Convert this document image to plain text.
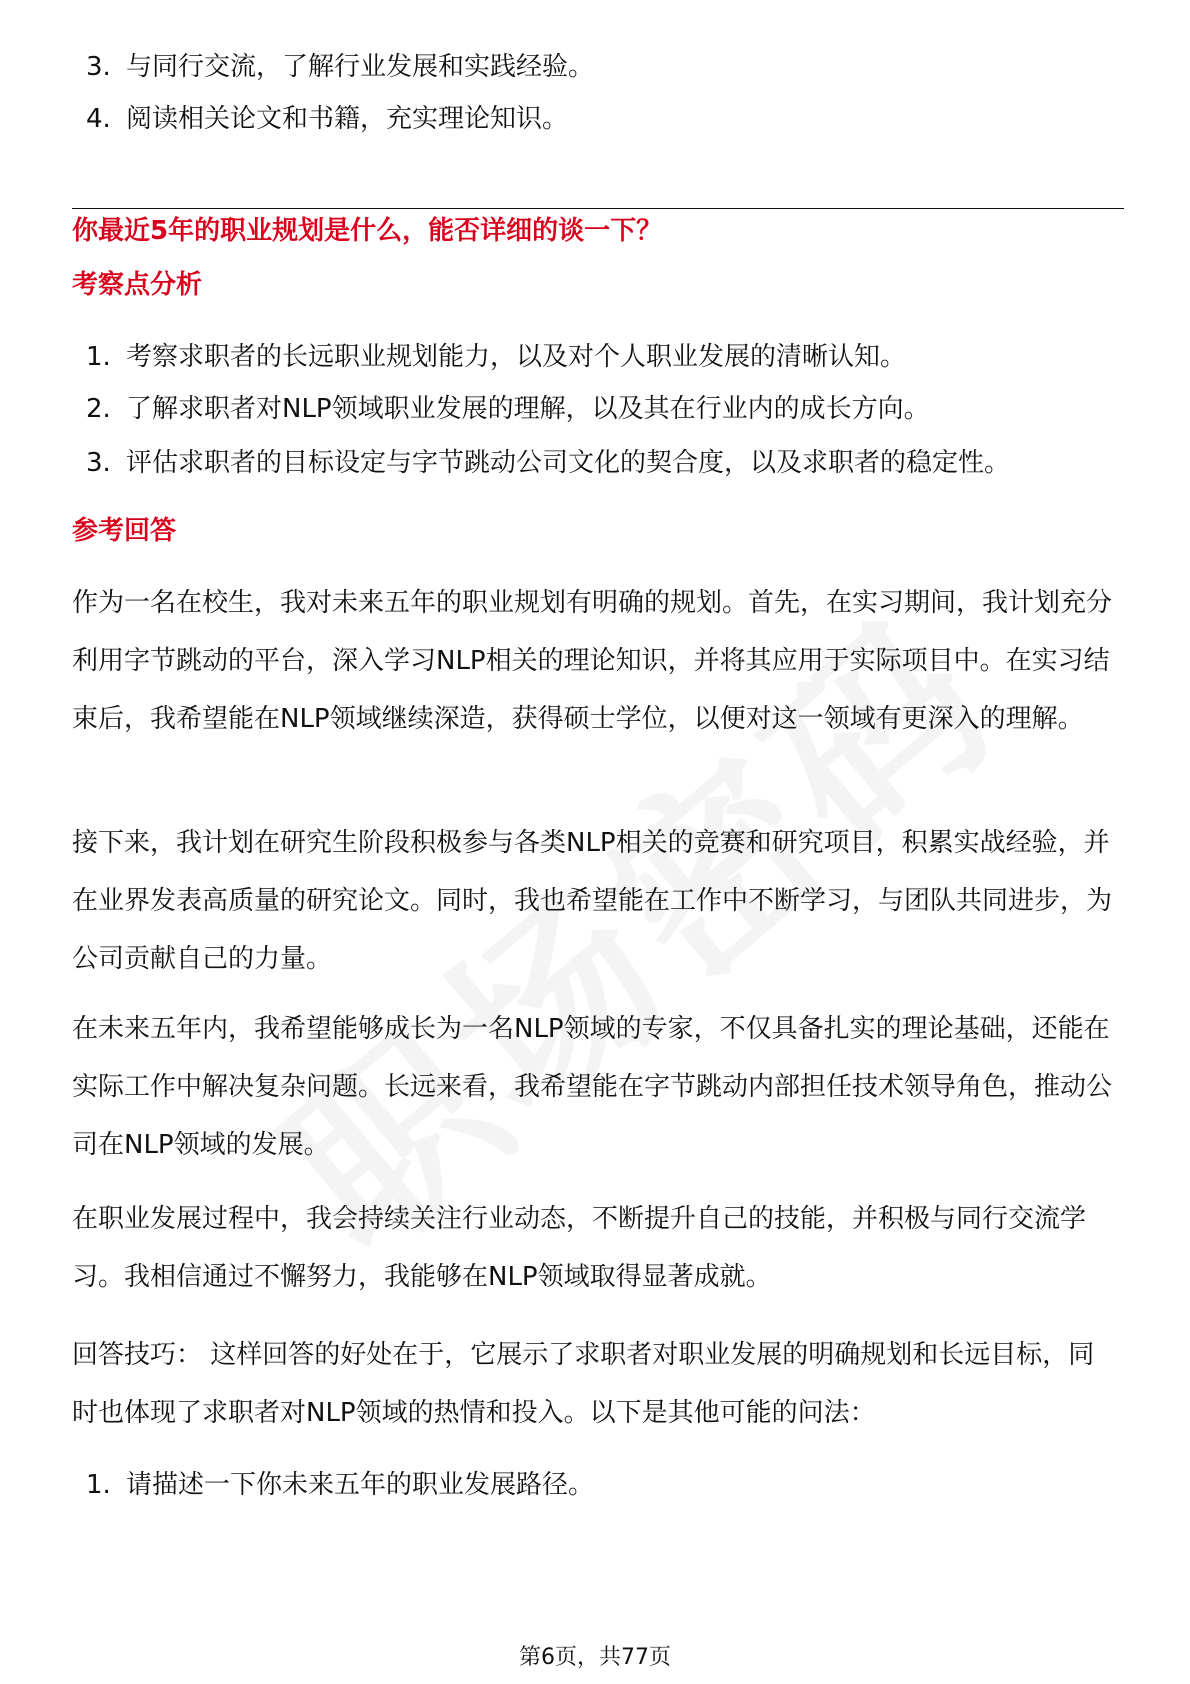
3. 与同行交流，了解行业发展和实践经验。
4. 阅读相关论文和书籍，充实理论知识。
你最近5年的职业规划是什么，能否详细的谈一下？
考察点分析
1. 考察求职者的长远职业规划能力，以及对个人职业发展的清晰认知。
2. 了解求职者对NLP领域职业发展的理解，以及其在行业内的成长方向。
3. 评估求职者的目标设定与字节跳动公司文化的契合度，以及求职者的稳定性。
参考回答
作为一名在校生，我对未来五年的职业规划有明确的规划。首先，在实习期间，我计划充分利用字节跳动的平台，深入学习NLP相关的理论知识，并将其应用于实际项目中。在实习结束后，我希望能在NLP领域继续深造，获得硕士学位，以便对这一领域有更深入的理解。
接下来，我计划在研究生阶段积极参与各类NLP相关的竞赛和研究项目，积累实战经验，并在业界发表高质量的研究论文。同时，我也希望能在工作中不断学习，与团队共同进步，为公司贡献自己的力量。
在未来五年内，我希望能够成长为一名NLP领域的专家，不仅具备扎实的理论基础，还能在实际工作中解决复杂问题。长远来看，我希望能在字节跳动内部担任技术领导角色，推动公司在NLP领域的发展。
在职业发展过程中，我会持续关注行业动态，不断提升自己的技能，并积极与同行交流学习。我相信通过不懈努力，我能够在NLP领域取得显著成就。
回答技巧： 这样回答的好处在于，它展示了求职者对职业发展的明确规划和长远目标，同时也体现了求职者对NLP领域的热情和投入。以下是其他可能的问法：
1. 请描述一下你未来五年的职业发展路径。
第6页，共77页
